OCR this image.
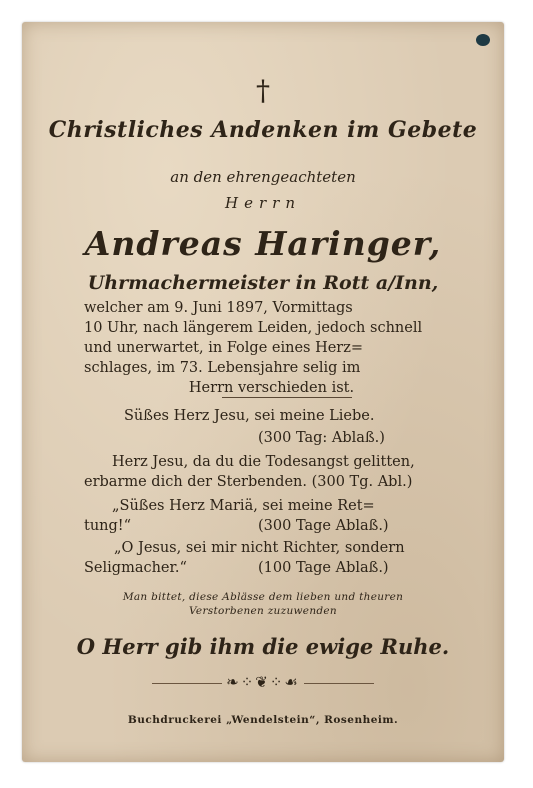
†
Christliches Andenken im Gebete
an den ehrengeachteten
Herrn
Andreas Haringer,
Uhrmachermeister in Rott a/Inn,
welcher am 9. Juni 1897, Vormittags
10 Uhr, nach längerem Leiden, jedoch schnell
und unerwartet, in Folge eines Herz=
schlages, im 73. Lebensjahre selig im
Herrn verschieden ist.
Süßes Herz Jesu, sei meine Liebe.
(300 Tag: Ablaß.)
Herz Jesu, da du die Todesangst gelitten,
erbarme dich der Sterbenden. (300 Tg. Abl.)
„Süßes Herz Mariä, sei meine Ret=
tung!“	(300 Tage Ablaß.)
„O Jesus, sei mir nicht Richter, sondern
Seligmacher.“	(100 Tage Ablaß.)
Man bittet, diese Ablässe dem lieben und theuren
Verstorbenen zuzuwenden
O Herr gib ihm die ewige Ruhe.
❧⁘❦⁘☙
Buchdruckerei „Wendelstein“, Rosenheim.
